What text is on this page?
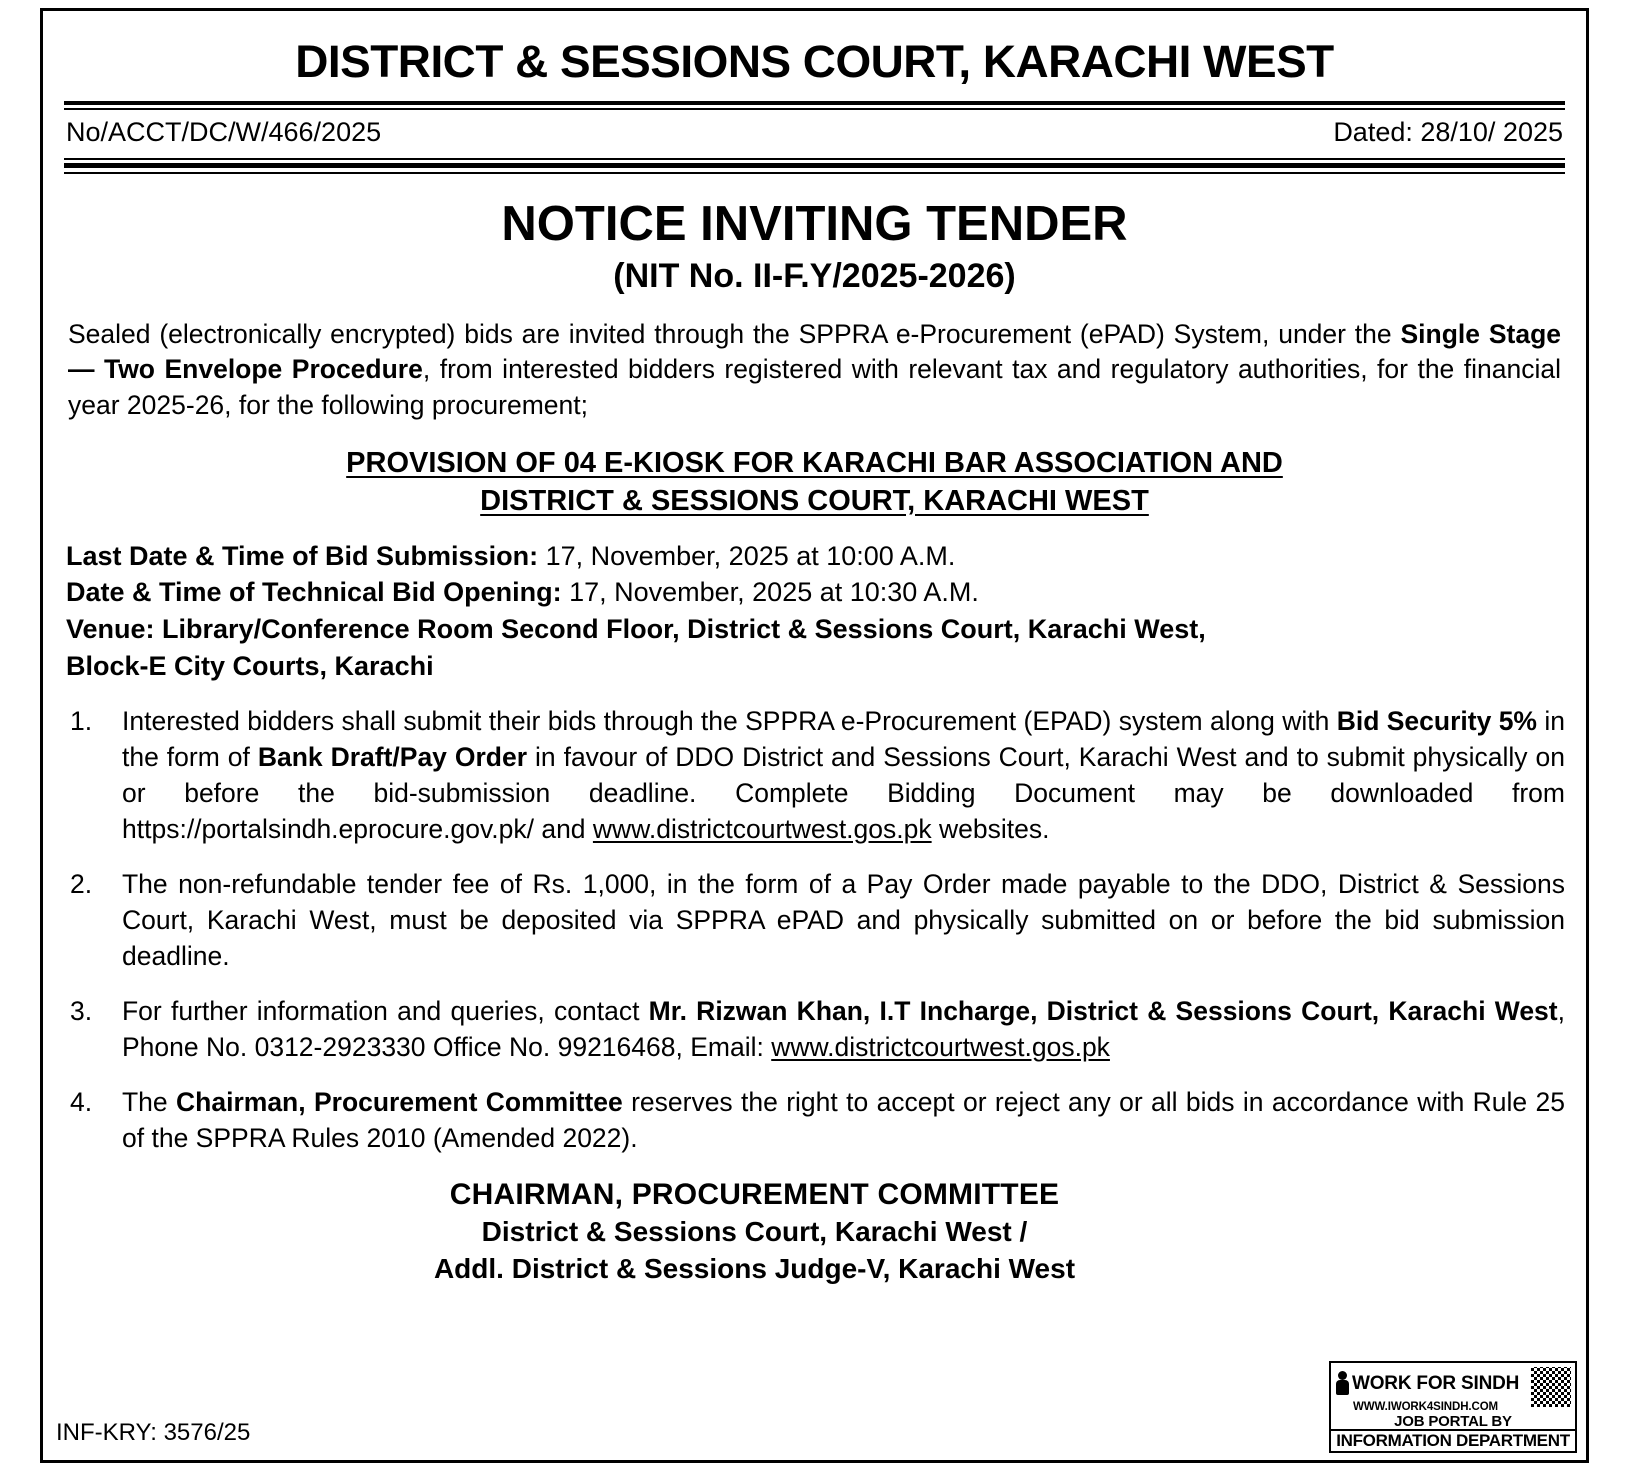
DISTRICT & SESSIONS COURT, KARACHI WEST
No/ACCT/DC/W/466/2025	Dated: 28/10/ 2025
NOTICE INVITING TENDER
(NIT No. II-F.Y/2025-2026)
Sealed (electronically encrypted) bids are invited through the SPPRA e-Procurement (ePAD) System, under the Single Stage — Two Envelope Procedure, from interested bidders registered with relevant tax and regulatory authorities, for the financial year 2025-26, for the following procurement;
PROVISION OF 04 E-KIOSK FOR KARACHI BAR ASSOCIATION AND
DISTRICT & SESSIONS COURT, KARACHI WEST
Last Date & Time of Bid Submission: 17, November, 2025 at 10:00 A.M.
Date & Time of Technical Bid Opening: 17, November, 2025 at 10:30 A.M.
Venue: Library/Conference Room Second Floor, District & Sessions Court, Karachi West,
Block-E City Courts, Karachi
1.	Interested bidders shall submit their bids through the SPPRA e-Procurement (EPAD) system along with Bid Security 5% in the form of Bank Draft/Pay Order in favour of DDO District and Sessions Court, Karachi West and to submit physically on or before the bid-submission deadline. Complete Bidding Document may be downloaded from https://portalsindh.eprocure.gov.pk/ and www.districtcourtwest.gos.pk websites.
2.	The non-refundable tender fee of Rs. 1,000, in the form of a Pay Order made payable to the DDO, District & Sessions Court, Karachi West, must be deposited via SPPRA ePAD and physically submitted on or before the bid submission deadline.
3.	For further information and queries, contact Mr. Rizwan Khan, I.T Incharge, District & Sessions Court, Karachi West, Phone No. 0312-2923330 Office No. 99216468, Email: www.districtcourtwest.gos.pk
4.	The Chairman, Procurement Committee reserves the right to accept or reject any or all bids in accordance with Rule 25 of the SPPRA Rules 2010 (Amended 2022).
CHAIRMAN, PROCUREMENT COMMITTEE
District & Sessions Court, Karachi West /
Addl. District & Sessions Judge-V, Karachi West
INF-KRY: 3576/25
WORK FOR SINDH
WWW.IWORK4SINDH.COM
JOB PORTAL BY
INFORMATION DEPARTMENT
